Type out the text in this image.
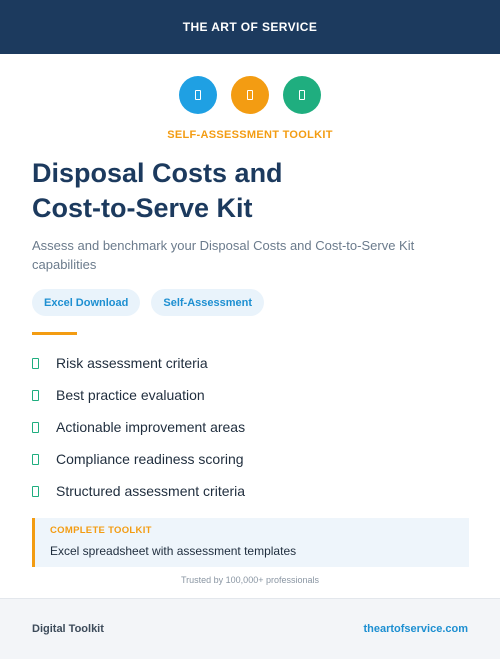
THE ART OF SERVICE
SELF-ASSESSMENT TOOLKIT
Disposal Costs and
Cost-to-Serve Kit

Assess and benchmark your Disposal Costs and Cost-to-Serve Kit capabilities

Excel Download	Self-Assessment
Risk assessment criteria
Best practice evaluation
Actionable improvement areas
Compliance readiness scoring
Structured assessment criteria
COMPLETE TOOLKIT
Excel spreadsheet with assessment templates
Trusted by 100,000+ professionals
Digital Toolkit	theartofservice.com
